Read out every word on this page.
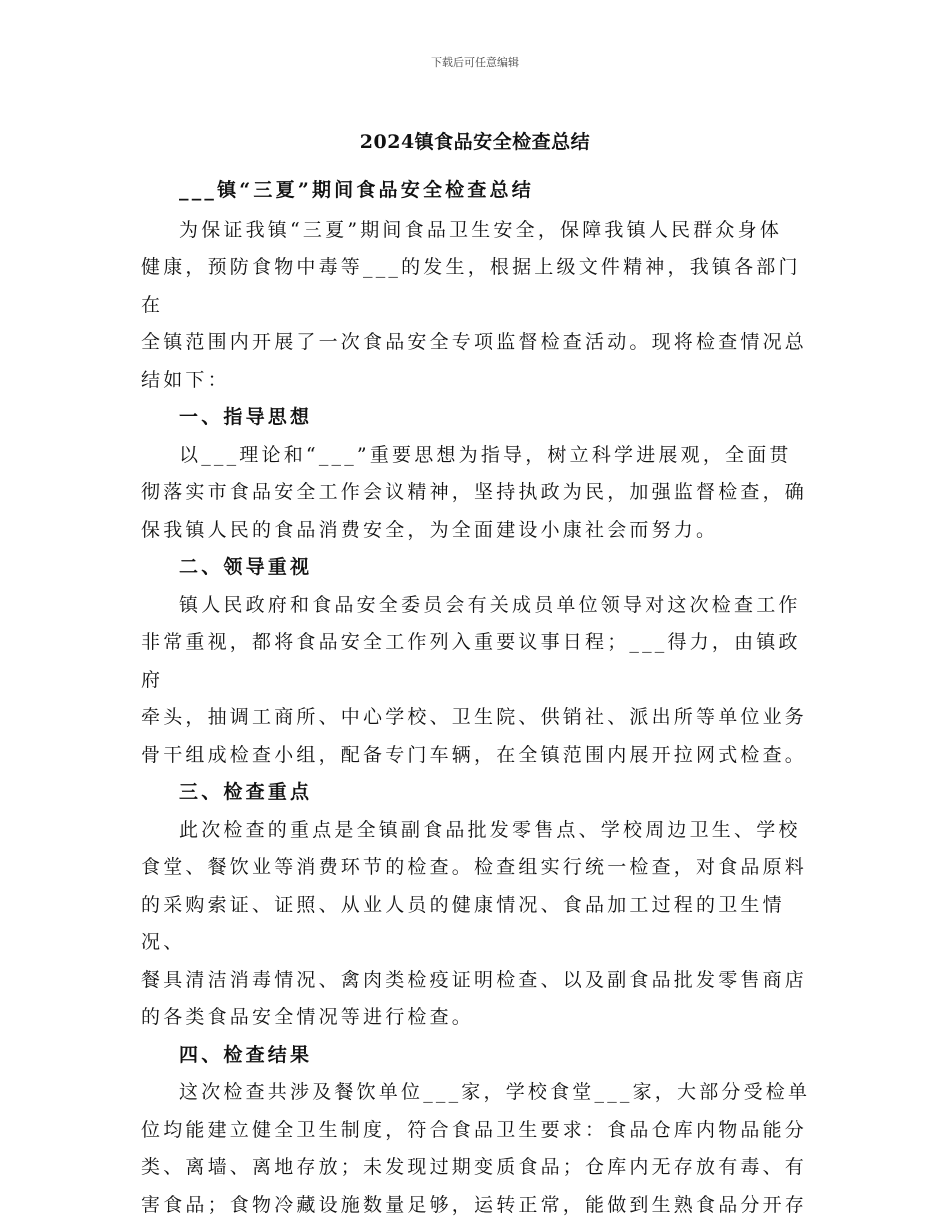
下载后可任意编辑
2024镇食品安全检查总结

___镇“三夏”期间食品安全检查总结

为保证我镇“三夏”期间食品卫生安全，保障我镇人民群众身体
健康，预防食物中毒等___的发生，根据上级文件精神，我镇各部门在
全镇范围内开展了一次食品安全专项监督检查活动。现将检查情况总
结如下：
一、指导思想
以___理论和“___”重要思想为指导，树立科学进展观，全面贯
彻落实市食品安全工作会议精神，坚持执政为民，加强监督检查，确
保我镇人民的食品消费安全，为全面建设小康社会而努力。
二、领导重视
镇人民政府和食品安全委员会有关成员单位领导对这次检查工作
非常重视，都将食品安全工作列入重要议事日程；___得力，由镇政府
牵头，抽调工商所、中心学校、卫生院、供销社、派出所等单位业务
骨干组成检查小组，配备专门车辆，在全镇范围内展开拉网式检查。
三、检查重点
此次检查的重点是全镇副食品批发零售点、学校周边卫生、学校
食堂、餐饮业等消费环节的检查。检查组实行统一检查，对食品原料
的采购索证、证照、从业人员的健康情况、食品加工过程的卫生情况、
餐具清洁消毒情况、禽肉类检疫证明检查、以及副食品批发零售商店
的各类食品安全情况等进行检查。
四、检查结果
这次检查共涉及餐饮单位___家，学校食堂___家，大部分受检单
位均能建立健全卫生制度，符合食品卫生要求：食品仓库内物品能分
类、离墙、离地存放；未发现过期变质食品；仓库内无存放有毒、有
害食品；食物冷藏设施数量足够，运转正常，能做到生熟食品分开存
